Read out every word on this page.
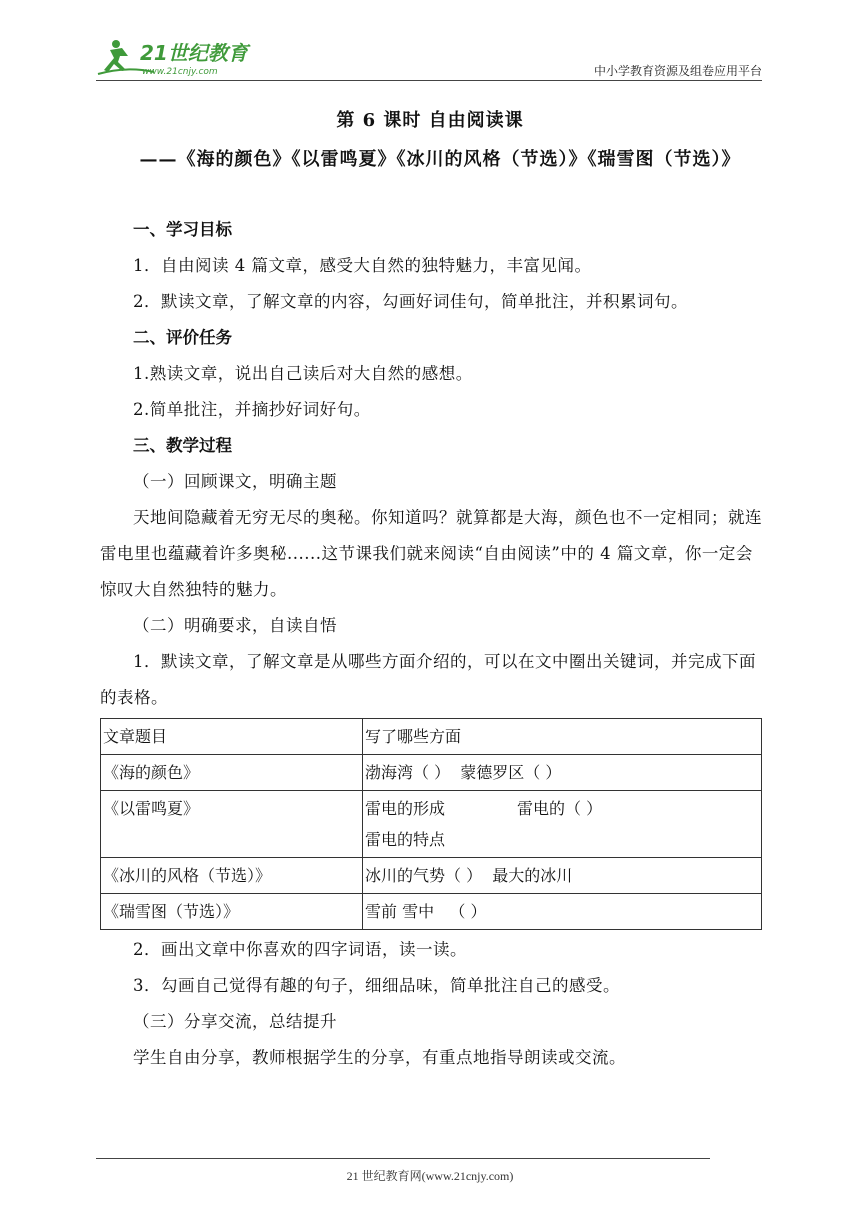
21世纪教育
www.21cnjy.com	中小学教育资源及组卷应用平台
第 6 课时 自由阅读课
——《海的颜色》《以雷鸣夏》《冰川的风格（节选）》《瑞雪图（节选）》

一、学习目标

1．自由阅读 4 篇文章，感受大自然的独特魅力，丰富见闻。

2．默读文章，了解文章的内容，勾画好词佳句，简单批注，并积累词句。

二、评价任务

1.熟读文章，说出自己读后对大自然的感想。

2.简单批注，并摘抄好词好句。

三、教学过程

（一）回顾课文，明确主题

天地间隐藏着无穷无尽的奥秘。你知道吗？就算都是大海，颜色也不一定相同；就连雷电里也蕴藏着许多奥秘......这节课我们就来阅读“自由阅读”中的 4 篇文章，你一定会惊叹大自然独特的魅力。

（二）明确要求，自读自悟

1．默读文章，了解文章是从哪些方面介绍的，可以在文中圈出关键词，并完成下面的表格。

文章题目	写了哪些方面
《海的颜色》	渤海湾（ ） 蒙德罗区（ ）
《以雷鸣夏》	雷电的形成 雷电的（ ）
雷电的特点
《冰川的风格（节选）》	冰川的气势（ ） 最大的冰川
《瑞雪图（节选）》	雪前 雪中 （ ）

2．画出文章中你喜欢的四字词语，读一读。

3．勾画自己觉得有趣的句子，细细品味，简单批注自己的感受。

（三）分享交流，总结提升

学生自由分享，教师根据学生的分享，有重点地指导朗读或交流。

21 世纪教育网(www.21cnjy.com)
